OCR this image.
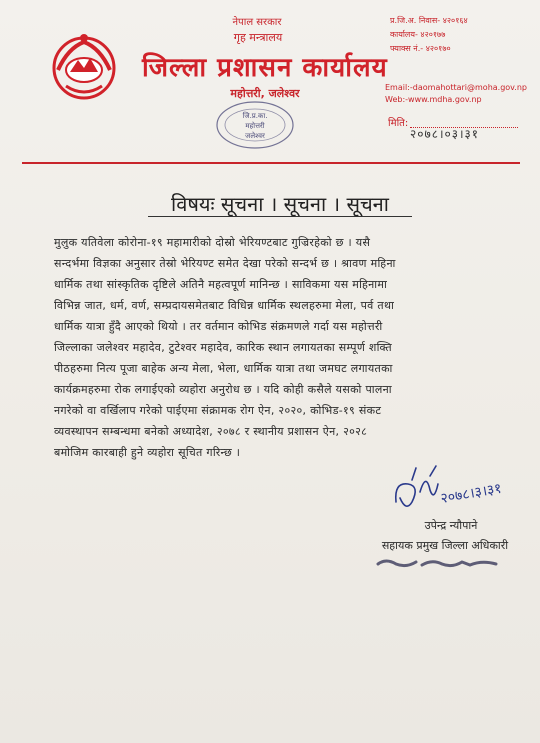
नेपाल सरकार
गृह मन्त्रालय
जिल्ला प्रशासन कार्यालय
महोत्तरी, जलेश्वर
जि.प्र.का.
महोत्तरी
जलेश्वर
प्र.जि.अ. निवास- ४२०१६४
कार्यालय- ४२०१७७
फ्याक्स नं.- ४२०१७०
Email:-daomahottari@moha.gov.np
Web:-www.mdha.gov.np
मिति:
२०७८।०३।३१
विषयः सूचना । सूचना । सूचना
मुलुक यतिवेला कोरोना-१९ महामारीको दोस्रो भेरियण्टबाट गुज्रिरहेको छ । यसै
सन्दर्भमा विज्ञका अनुसार तेस्रो भेरियण्ट समेत देखा परेको सन्दर्भ छ । श्रावण महिना
धार्मिक तथा सांस्कृतिक दृष्टिले अतिनै महत्वपूर्ण मानिन्छ । साविकमा यस महिनामा
विभिन्न जात, धर्म, वर्ण, सम्प्रदायसमेतबाट विधिन्न धार्मिक स्थलहरुमा मेला, पर्व तथा
धार्मिक यात्रा हुँदै आएको थियो । तर वर्तमान कोभिड संक्रमणले गर्दा यस महोत्तरी
जिल्लाका जलेश्वर महादेव, टुटेश्वर महादेव, कारिक स्थान लगायतका सम्पूर्ण शक्ति
पीठहरुमा नित्य पूजा बाहेक अन्य मेला, भेला, धार्मिक यात्रा तथा जमघट लगायतका
कार्यक्रमहरुमा रोक लगाईएको व्यहोरा अनुरोध छ । यदि कोही कसैले यसको पालना
नगरेको वा वर्खिलाप गरेको पाईएमा संक्रामक रोग ऐन, २०२०, कोभिड-१९ संकट
व्यवस्थापन सम्बन्धमा बनेको अध्यादेश, २०७८ र स्थानीय प्रशासन ऐन, २०२८
बमोजिम कारबाही हुने व्यहोरा सूचित गरिन्छ ।
२०७८।३।३१
उपेन्द्र न्यौपाने
सहायक प्रमुख जिल्ला अधिकारी
